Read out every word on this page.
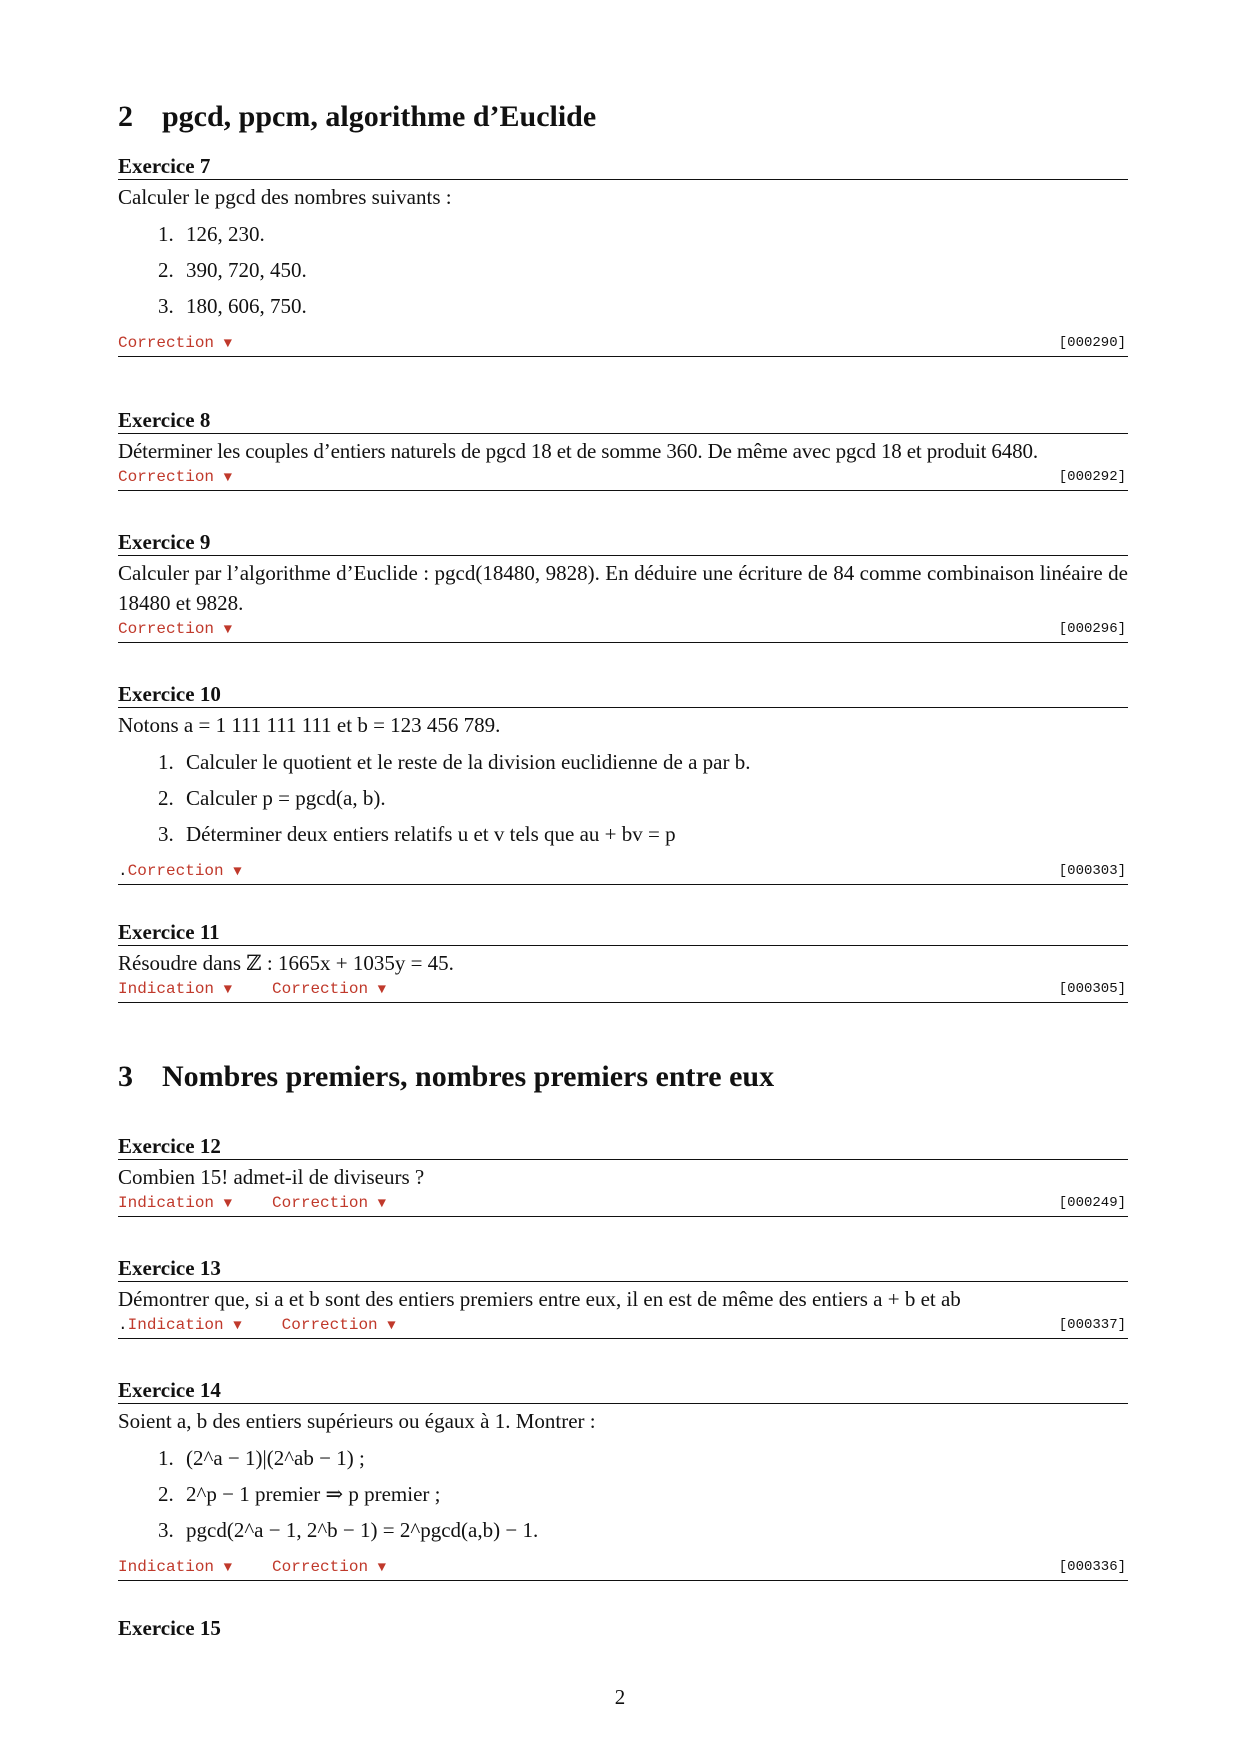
2 pgcd, ppcm, algorithme d’Euclide
Exercice 7

Calculer le pgcd des nombres suivants :

1. 126, 230.
2. 390, 720, 450.
3. 180, 606, 750.
Correction ▼	[000290]
Exercice 8

Déterminer les couples d’entiers naturels de pgcd 18 et de somme 360. De même avec pgcd 18 et produit 6480.

Correction ▼	[000292]
Exercice 9

Calculer par l’algorithme d’Euclide : pgcd(18480, 9828). En déduire une écriture de 84 comme combinaison linéaire de 18480 et 9828.

Correction ▼	[000296]
Exercice 10

Notons a = 1 111 111 111 et b = 123 456 789.

1. Calculer le quotient et le reste de la division euclidienne de a par b.
2. Calculer p = pgcd(a, b).
3. Déterminer deux entiers relatifs u et v tels que au + bv = p
.Correction ▼	[000303]
Exercice 11

Résoudre dans ℤ : 1665x + 1035y = 45.

Indication ▼	Correction ▼	[000305]
3 Nombres premiers, nombres premiers entre eux
Exercice 12

Combien 15! admet-il de diviseurs ?

Indication ▼	Correction ▼	[000249]
Exercice 13

Démontrer que, si a et b sont des entiers premiers entre eux, il en est de même des entiers a + b et ab

.Indication ▼	Correction ▼	[000337]
Exercice 14

Soient a, b des entiers supérieurs ou égaux à 1. Montrer :

1. (2^a − 1)|(2^ab − 1) ;
2. 2^p − 1 premier ⇒ p premier ;
3. pgcd(2^a − 1, 2^b − 1) = 2^pgcd(a,b) − 1.
Indication ▼	Correction ▼	[000336]
Exercice 15
2
